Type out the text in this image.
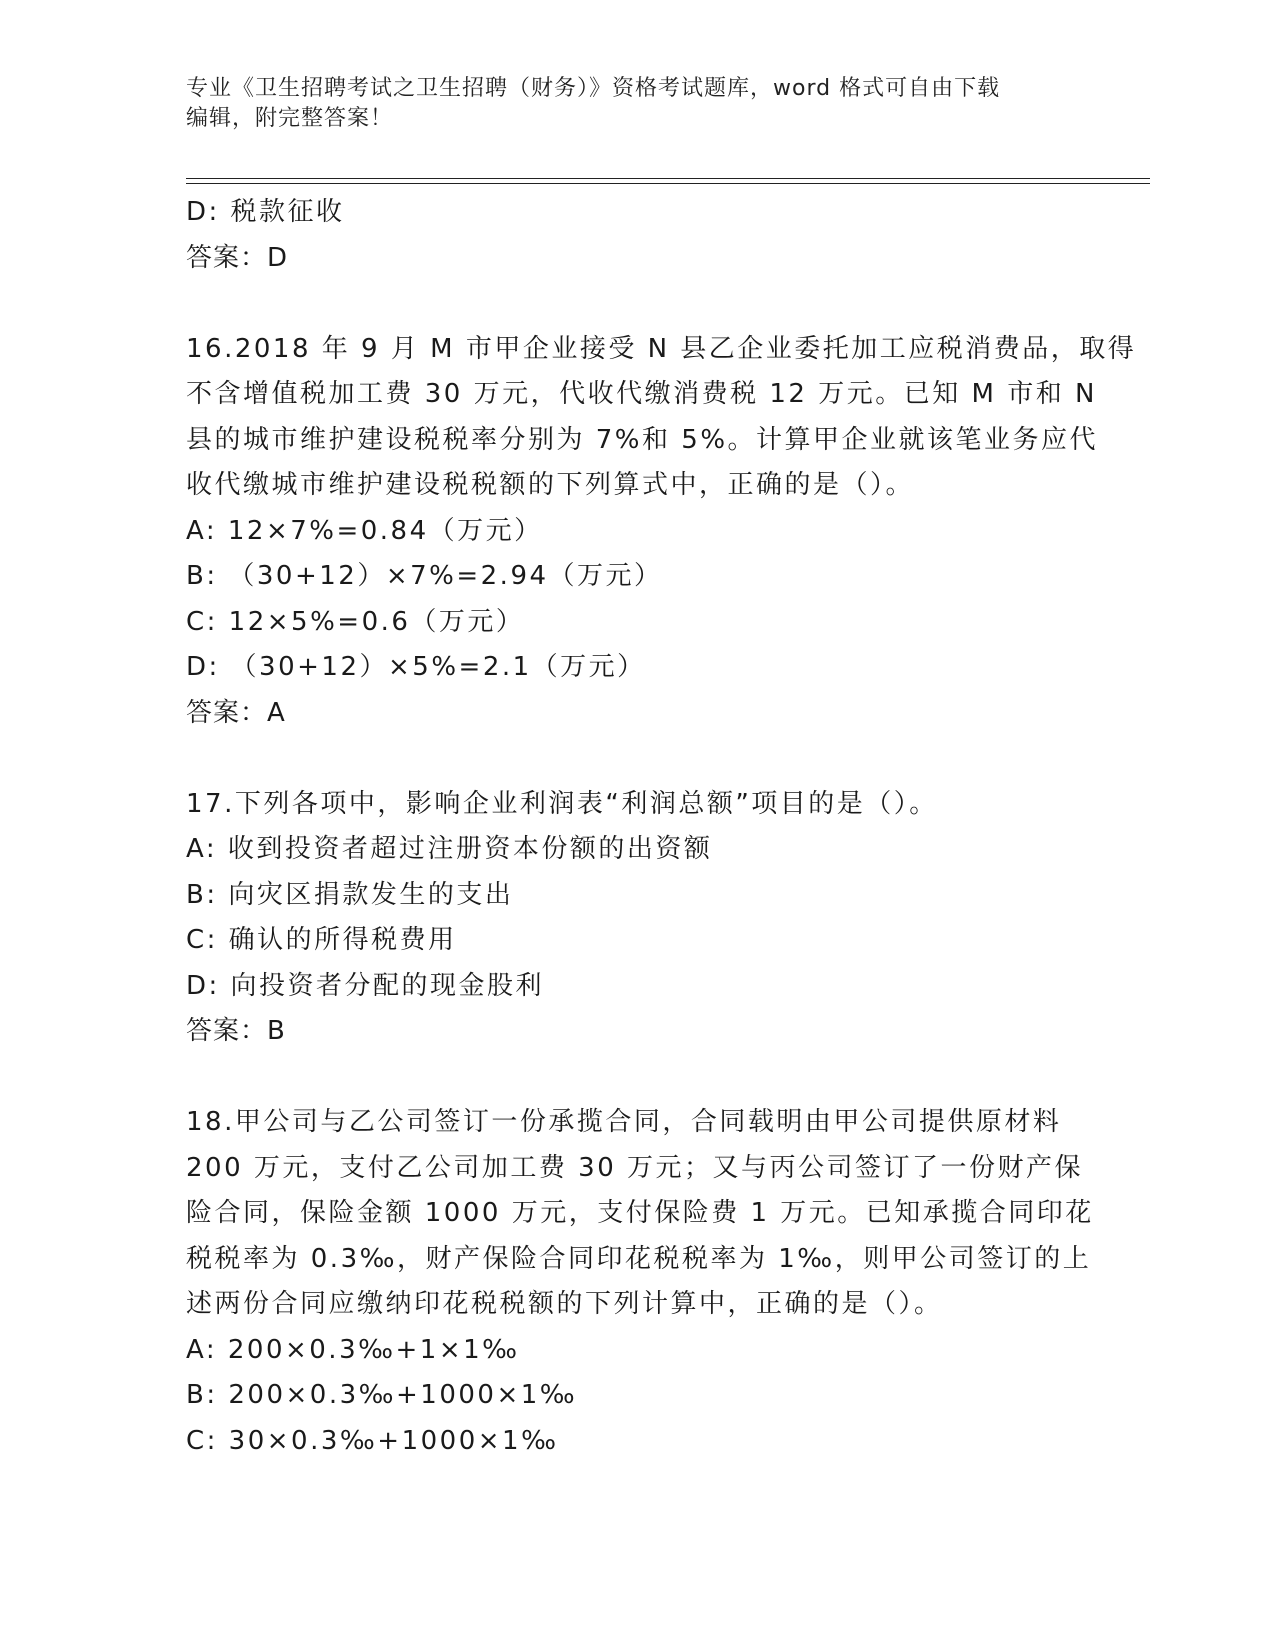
专业《卫生招聘考试之卫生招聘（财务）》资格考试题库，word 格式可自由下载
编辑，附完整答案！
D: 税款征收
答案：D
16.2018 年 9 月 M 市甲企业接受 N 县乙企业委托加工应税消费品，取得
不含增值税加工费 30 万元，代收代缴消费税 12 万元。已知 M 市和 N
县的城市维护建设税税率分别为 7%和 5%。计算甲企业就该笔业务应代
收代缴城市维护建设税税额的下列算式中，正确的是（）。
A: 12×7%=0.84（万元）
B: （30+12）×7%=2.94（万元）
C: 12×5%=0.6（万元）
D: （30+12）×5%=2.1（万元）
答案：A
17.下列各项中，影响企业利润表“利润总额”项目的是（）。
A: 收到投资者超过注册资本份额的出资额
B: 向灾区捐款发生的支出
C: 确认的所得税费用
D: 向投资者分配的现金股利
答案：B
18.甲公司与乙公司签订一份承揽合同，合同载明由甲公司提供原材料
200 万元，支付乙公司加工费 30 万元；又与丙公司签订了一份财产保
险合同，保险金额 1000 万元，支付保险费 1 万元。已知承揽合同印花
税税率为 0.3‰，财产保险合同印花税税率为 1‰，则甲公司签订的上
述两份合同应缴纳印花税税额的下列计算中，正确的是（）。
A: 200×0.3‰+1×1‰
B: 200×0.3‰+1000×1‰
C: 30×0.3‰+1000×1‰
